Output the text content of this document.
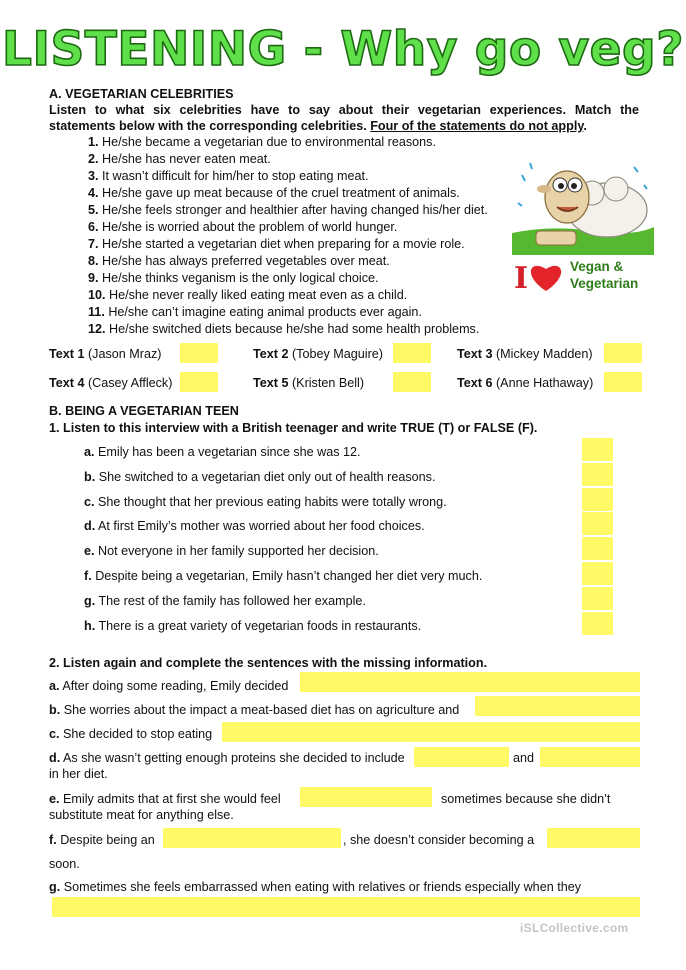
LISTENING - Why go veg?
A. VEGETARIAN CELEBRITIES
Listen to what six celebrities have to say about their vegetarian experiences. Match the statements below with the corresponding celebrities. Four of the statements do not apply.
1. He/she became a vegetarian due to environmental reasons.
2. He/she has never eaten meat.
3. It wasn’t difficult for him/her to stop eating meat.
4. He/she gave up meat because of the cruel treatment of animals.
5. He/she feels stronger and healthier after having changed his/her diet.
6. He/she is worried about the problem of world hunger.
7. He/she started a vegetarian diet when preparing for a movie role.
8. He/she has always preferred vegetables over meat.
9. He/she thinks veganism is the only logical choice.
10. He/she never really liked eating meat even as a child.
11. He/she can’t imagine eating animal products ever again.
12. He/she switched diets because he/she had some health problems.
I	Vegan &
Vegetarian
Text 1 (Jason Mraz)	Text 2 (Tobey Maguire)	Text 3 (Mickey Madden)
Text 4 (Casey Affleck)	Text 5 (Kristen Bell)	Text 6 (Anne Hathaway)
B. BEING A VEGETARIAN TEEN
1. Listen to this interview with a British teenager and write TRUE (T) or FALSE (F).
a. Emily has been a vegetarian since she was 12.
b. She switched to a vegetarian diet only out of health reasons.
c. She thought that her previous eating habits were totally wrong.
d. At first Emily’s mother was worried about her food choices.
e. Not everyone in her family supported her decision.
f. Despite being a vegetarian, Emily hasn’t changed her diet very much.
g. The rest of the family has followed her example.
h. There is a great variety of vegetarian foods in restaurants.
2. Listen again and complete the sentences with the missing information.
a. After doing some reading, Emily decided
b. She worries about the impact a meat-based diet has on agriculture and
c. She decided to stop eating
d. As she wasn’t getting enough proteins she decided to include	and
in her diet.
e. Emily admits that at first she would feel	sometimes because she didn’t
substitute meat for anything else.
f. Despite being an	, she doesn’t consider becoming a
soon.
g. Sometimes she feels embarrassed when eating with relatives or friends especially when they
iSLCollective.com
